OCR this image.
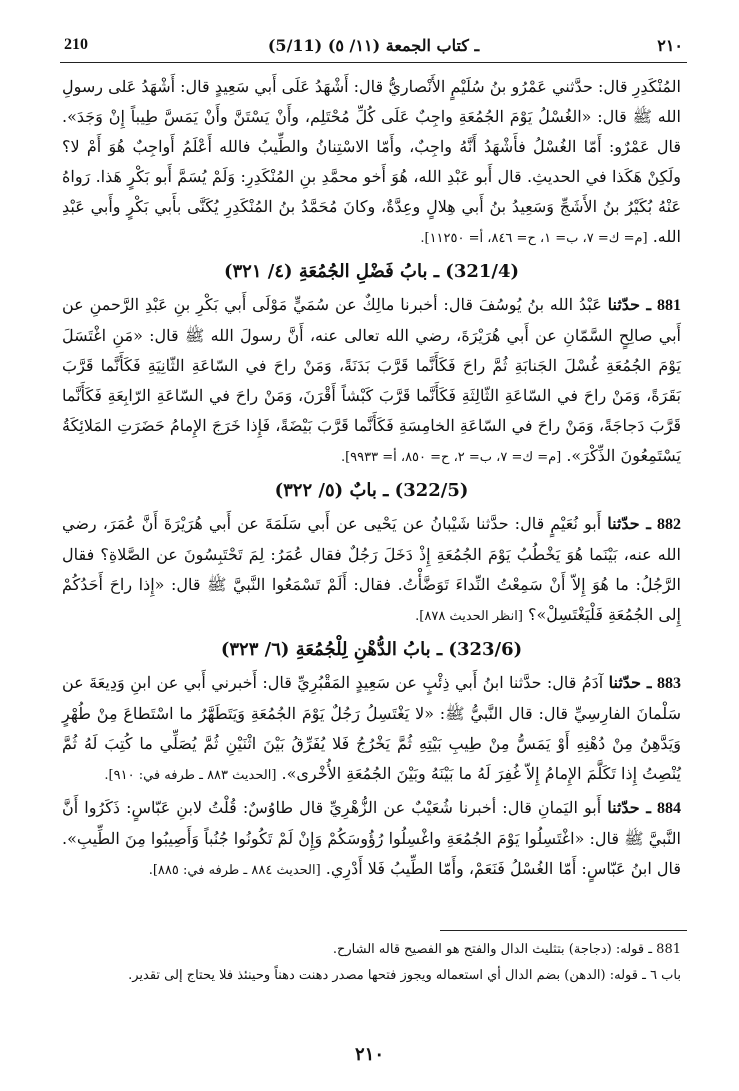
210	(5/11) ـ كتاب الجمعة (١١/ ٥)	٢١٠

المُنْكَدِرِ قال: حدَّثني عَمْرُو بنُ سُلَيْمٍ الأَنْصاريُّ قال: أَشْهَدُ عَلَى أَبي سَعِيدٍ قال: أَشْهَدُ عَلى رسولِ الله ﷺ قال: «الغُسْلُ يَوْمَ الجُمُعَةِ واجِبٌ عَلَى كُلِّ مُحْتَلِم، وأَنْ يَسْتَنَّ وأَنْ يَمَسَّ طِيباً إِنْ وَجَدَ». قال عَمْرٌو: أَمّا الغُسْلُ فأَشْهَدُ أَنَّهُ واجِبٌ، وأَمّا الاسْتِنانُ والطِّيبُ فالله أَعْلَمُ أَواجِبٌ هُوَ أَمْ لا؟ ولَكِنْ هَكَذا في الحديثِ. قال أَبو عَبْدِ الله، هُوَ أَخو محمَّدِ بنِ المُنْكَدِرِ: وَلَمْ يُسَمَّ أَبو بَكْرٍ هَذا. رَواهُ عَنْهُ بُكَيْرُ بنُ الأَشَجِّ وَسَعِيدُ بنُ أَبي هِلالٍ وعِدَّةٌ، وكانَ مُحَمَّدُ بنُ المُنْكَدِرِ يُكَنَّى بأَبي بَكْرٍ وأَبي عَبْدِ الله. [م= ك= ٧، ب= ١، ح= ٨٤٦، أ= ١١٢٥٠].

(321/4) ـ بابُ فَضْلِ الجُمُعَةِ (٤/ ٣٢١)

881 ـ حدّثنا عَبْدُ الله بنُ يُوسُفَ قال: أخبرنا مالِكٌ عن سُمَيٍّ مَوْلَى أَبي بَكْرِ بنِ عَبْدِ الرَّحمنِ عن أَبي صالِحٍ السَّمّانِ عن أَبي هُرَيْرَةَ، رضي الله تعالى عنه، أَنَّ رسولَ الله ﷺ قال: «مَنِ اغْتَسَلَ يَوْمَ الجُمُعَةِ غُسْلَ الجَنابَةِ ثُمَّ راحَ فَكَأَنَّما قَرَّبَ بَدَنَةً، وَمَنْ راحَ في السّاعَةِ الثّانِيَةِ فَكَأَنَّما قَرَّبَ بَقَرَةً، وَمَنْ راحَ في السّاعَةِ الثّالِثَةِ فَكَأَنَّما قَرَّبَ كَبْشاً أَقْرَنَ، وَمَنْ راحَ في السّاعَةِ الرّابِعَةِ فَكَأَنَّما قَرَّبَ دَجاجَةً، وَمَنْ راحَ في السّاعَةِ الخامِسَةِ فَكَأَنَّما قَرَّبَ بَيْضَةً، فَإِذا خَرَجَ الإِمامُ حَضَرَتِ المَلائِكَةُ يَسْتَمِعُونَ الذِّكْرَ». [م= ك= ٧، ب= ٢، ح= ٨٥٠، أ= ٩٩٣٣].

(322/5) ـ بابٌ (٥/ ٣٢٢)

882 ـ حدّثنا أَبو نُعَيْمٍ قال: حدَّثنا شَيْبانُ عن يَحْيى عن أَبي سَلَمَةَ عن أَبي هُرَيْرَةَ أَنَّ عُمَرَ، رضي الله عنه، بَيْنَما هُوَ يَخْطُبُ يَوْمَ الجُمُعَةِ إِذْ دَخَلَ رَجُلٌ فقال عُمَرُ: لِمَ تَحْتَبِسُونَ عن الصَّلاةِ؟ فقال الرَّجُلُ: ما هُوَ إِلاّ أَنْ سَمِعْتُ النِّداءَ تَوَضَّأْتُ. فقال: أَلَمْ تَسْمَعُوا النَّبيَّ ﷺ قال: «إِذا راحَ أَحَدُكُمْ إِلى الجُمُعَةِ فَلْيَغْتَسِلْ»؟ [انظر الحديث ٨٧٨].

(323/6) ـ بابُ الدُّهْنِ لِلْجُمُعَةِ (٦/ ٣٢٣)

883 ـ حدّثنا آدَمُ قال: حدَّثنا ابنُ أَبي ذِئْبٍ عن سَعِيدٍ المَقْبُرِيِّ قال: أَخبرني أَبي عن ابنِ وَدِيعَةَ عن سَلْمانَ الفارِسِيِّ قال: قال النَّبيُّ ﷺ: «لا يَغْتَسِلُ رَجُلٌ يَوْمَ الجُمُعَةِ وَيَتَطَهَّرُ ما اسْتَطاعَ مِنْ طُهْرٍ وَيَدَّهِنُ مِنْ دُهْنِهِ أَوْ يَمَسُّ مِنْ طِيبِ بَيْتِهِ ثُمَّ يَخْرُجُ فَلا يُفَرِّقُ بَيْنَ اثْنَيْنِ ثُمَّ يُصَلِّي ما كُتِبَ لَهُ ثُمَّ يُنْصِتُ إِذا تَكَلَّمَ الإِمامُ إِلاّ غُفِرَ لَهُ ما بَيْنَهُ وبَيْنَ الجُمُعَةِ الأُخْرى». [الحديث ٨٨٣ ـ طرفه في: ٩١٠].

884 ـ حدّثنا أَبو اليَمانِ قال: أخبرنا شُعَيْبٌ عن الزُّهْرِيِّ قال طاوُسٌ: قُلْتُ لابنِ عَبّاسٍ: ذَكَرُوا أَنَّ النَّبيَّ ﷺ قال: «اغْتَسِلُوا يَوْمَ الجُمُعَةِ واغْسِلُوا رُؤُوسَكُمْ وَإِنْ لَمْ تَكُونُوا جُنُباً وَأَصِيبُوا مِنَ الطِّيبِ». قال ابنُ عَبّاسٍ: أَمّا الغُسْلُ فَنَعَمْ، وأَمّا الطِّيبُ فَلا أَدْرِي. [الحديث ٨٨٤ ـ طرفه في: ٨٨٥].

881 ـ قوله: (دجاجة) بتثليث الدال والفتح هو الفصيح قاله الشارح.

باب ٦ ـ قوله: (الدهن) بضم الدال أي استعماله ويجوز فتحها مصدر دهنت دهناً وحينئذ فلا يحتاج إلى تقدير.

٢١٠
